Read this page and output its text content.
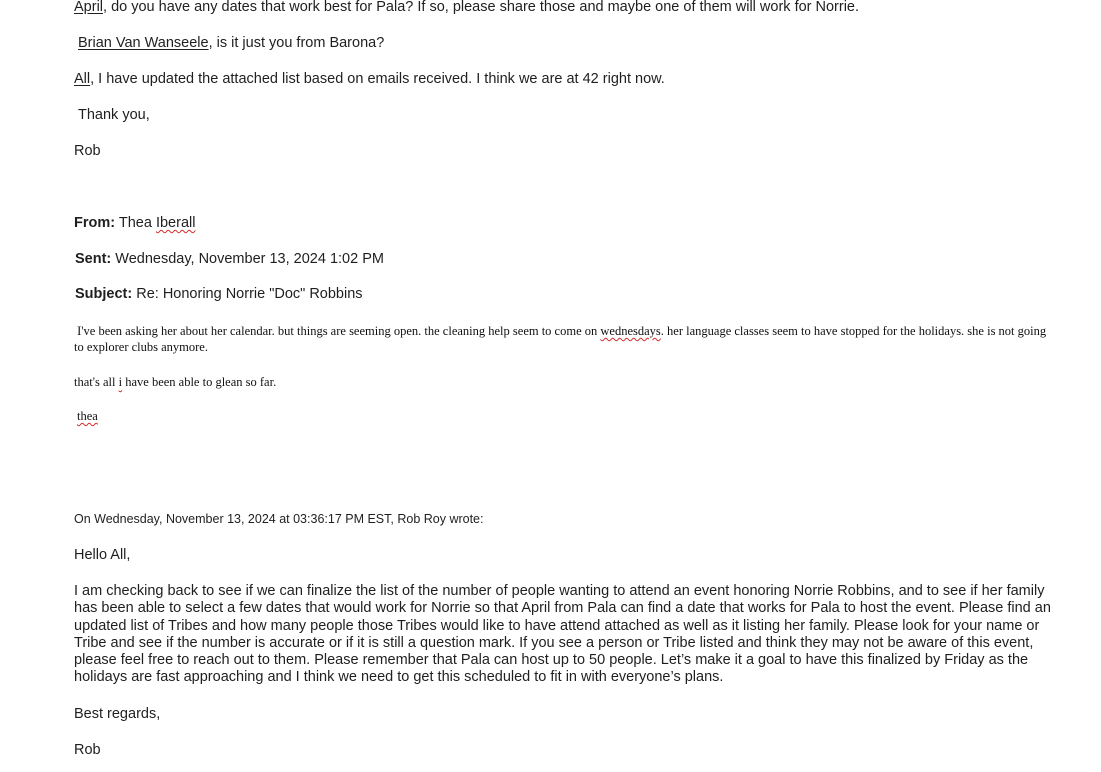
April, do you have any dates that work best for Pala? If so, please share those and maybe one of them will work for Norrie.
Brian Van Wanseele, is it just you from Barona?
All, I have updated the attached list based on emails received. I think we are at 42 right now.
Thank you,
Rob
From: Thea Iberall
Sent: Wednesday, November 13, 2024 1:02 PM
Subject: Re: Honoring Norrie "Doc" Robbins
I've been asking her about her calendar. but things are seeming open. the cleaning help seem to come on wednesdays. her language classes seem to have stopped for the holidays. she is not going to explorer clubs anymore.
that's all i have been able to glean so far.
thea
On Wednesday, November 13, 2024 at 03:36:17 PM EST, Rob Roy wrote:
Hello All,
I am checking back to see if we can finalize the list of the number of people wanting to attend an event honoring Norrie Robbins, and to see if her family has been able to select a few dates that would work for Norrie so that April from Pala can find a date that works for Pala to host the event. Please find an updated list of Tribes and how many people those Tribes would like to have attend attached as well as it listing her family. Please look for your name or Tribe and see if the number is accurate or if it is still a question mark. If you see a person or Tribe listed and think they may not be aware of this event, please feel free to reach out to them. Please remember that Pala can host up to 50 people. Let’s make it a goal to have this finalized by Friday as the holidays are fast approaching and I think we need to get this scheduled to fit in with everyone’s plans.
Best regards,
Rob
